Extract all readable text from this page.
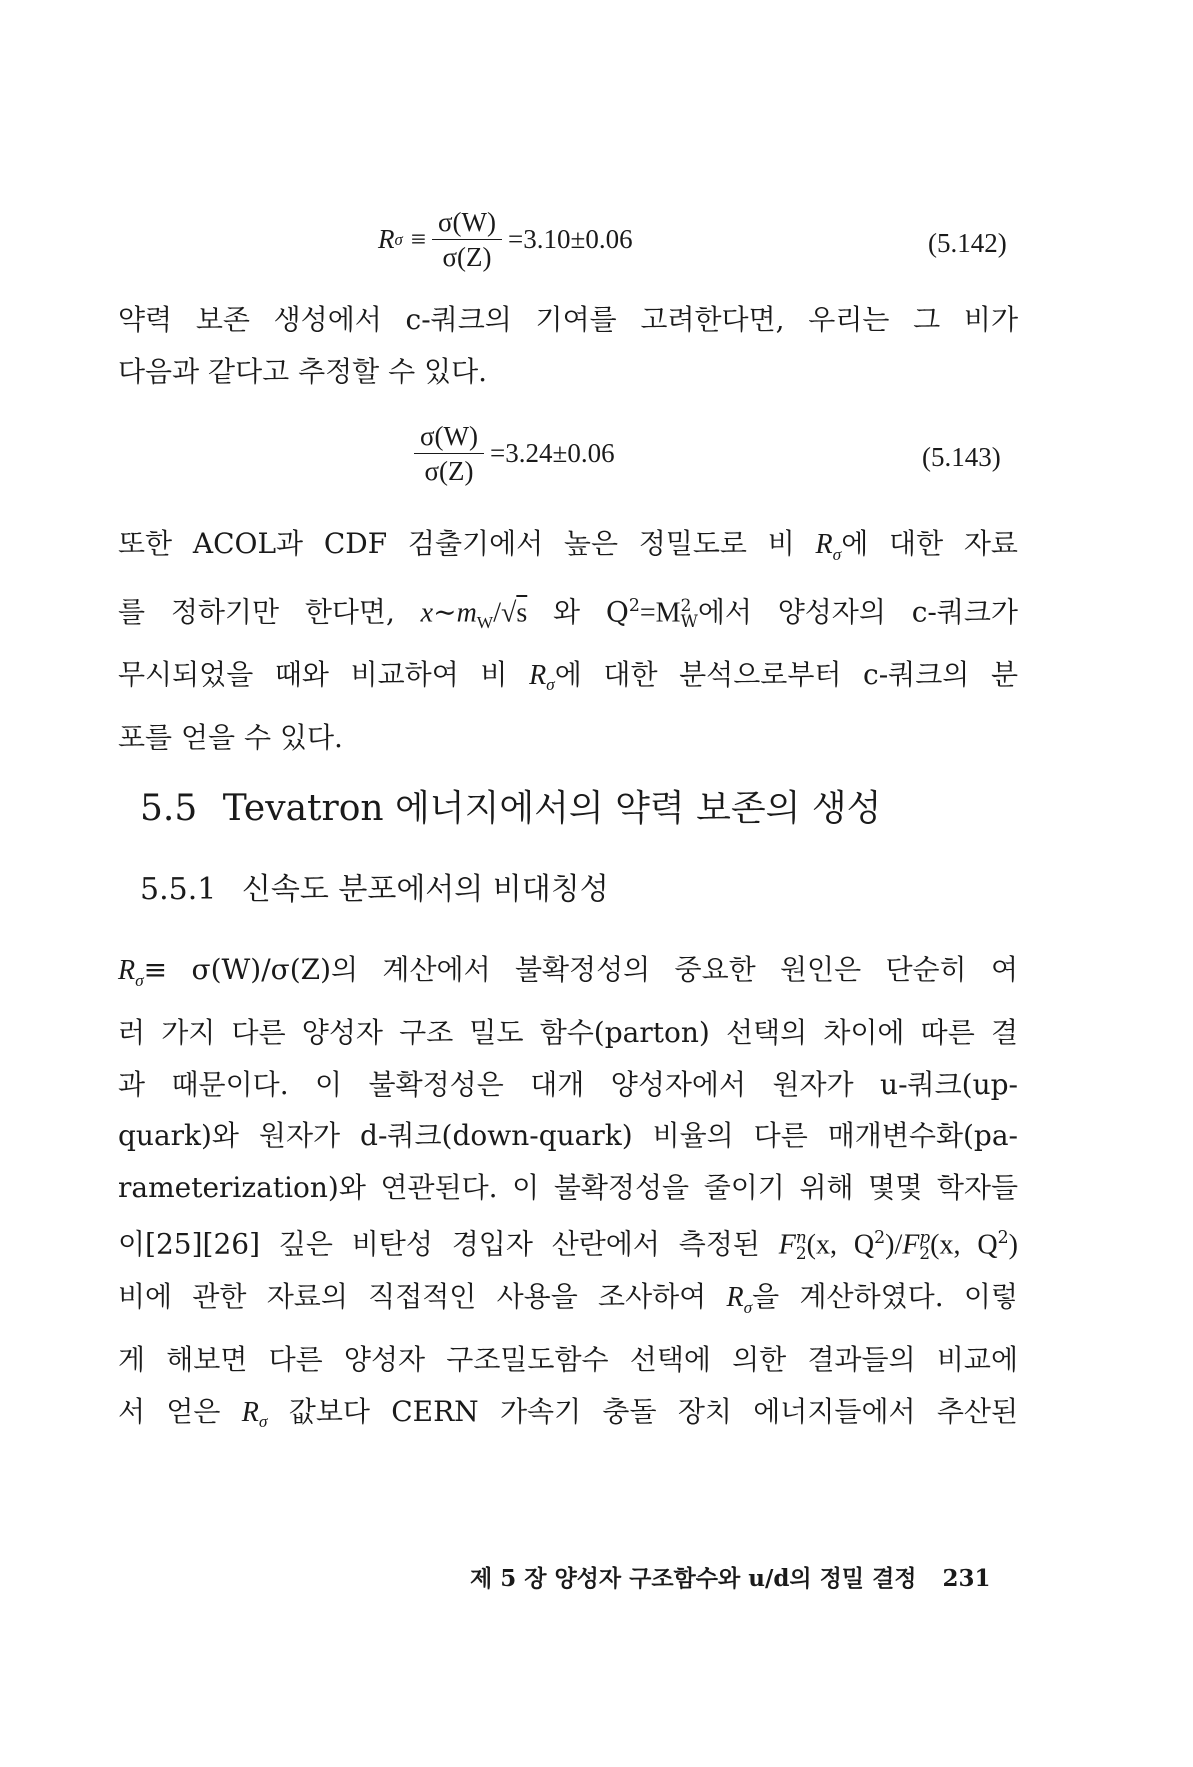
R $\sigma \equiv \frac{\sigma(W)}{\sigma(Z)} =3.10\pm 0.06$	(5.142)
약력 보존 생성에서 c-쿼크의 기여를 고려한다면, 우리는 그 비가
다음과 같다고 추정할 수 있다.
$\frac{\sigma(W)}{\sigma(Z)} =3.24\pm 0.06$	(5.143)
또한 ACOL과 CDF 검출기에서 높은 정밀도로 비 $R_\sigma$에 대한 자료
를 정하기만 한다면, $x\sim m_W/√s$ 와 $Q^2=M$ 2
W 에서 양성자의 c-쿼크가
무시되었을 때와 비교하여 비 $R_\sigma$에 대한 분석으로부터 c-쿼크의 분
포를 얻을 수 있다.
5.5 Tevatron 에너지에서의 약력 보존의 생성
5.5.1 신속도 분포에서의 비대칭성
$R_\sigma\equiv \sigma(W)/\sigma(Z)$의 계산에서 불확정성의 중요한 원인은 단순히 여
러 가지 다른 양성자 구조 밀도 함수(parton) 선택의 차이에 따른 결
과 때문이다. 이 불확정성은 대개 양성자에서 원자가 u-쿼크(up-
quark)와 원자가 d-쿼크(down-quark) 비율의 다른 매개변수화(pa-
rameterization)와 연관된다. 이 불확정성을 줄이기 위해 몇몇 학자들
이[25][26] 깊은 비탄성 경입자 산란에서 측정된 F n
2 (x, $Q^2)/F$ p
2 (x, $Q^2$)
비에 관한 자료의 직접적인 사용을 조사하여 $R_\sigma$을 계산하였다. 이렇
게 해보면 다른 양성자 구조밀도함수 선택에 의한 결과들의 비교에
서 얻은 $R_\sigma$ 값보다 CERN 가속기 충돌 장치 에너지들에서 추산된
제 5 장 양성자 구조함수와 u/d의 정밀 결정 231
